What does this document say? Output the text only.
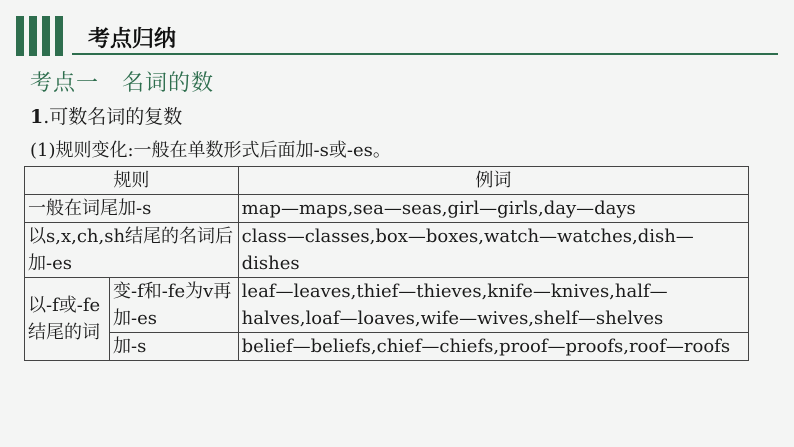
考点归纳
考点一　名词的数
1.可数名词的复数
(1)规则变化:一般在单数形式后面加-s或-es。
规则		例词
一般在词尾加-s		map—maps,sea—seas,girl—girls,day—days
以s,x,ch,sh结尾的名词后加-es		class—classes,box—boxes,watch—watches,dish—dishes
以-f或-fe结尾的词	变-f和-fe为v再加-es	leaf—leaves,thief—thieves,knife—knives,half—halves,loaf—loaves,wife—wives,shelf—shelves
	加-s	belief—beliefs,chief—chiefs,proof—proofs,roof—roofs
